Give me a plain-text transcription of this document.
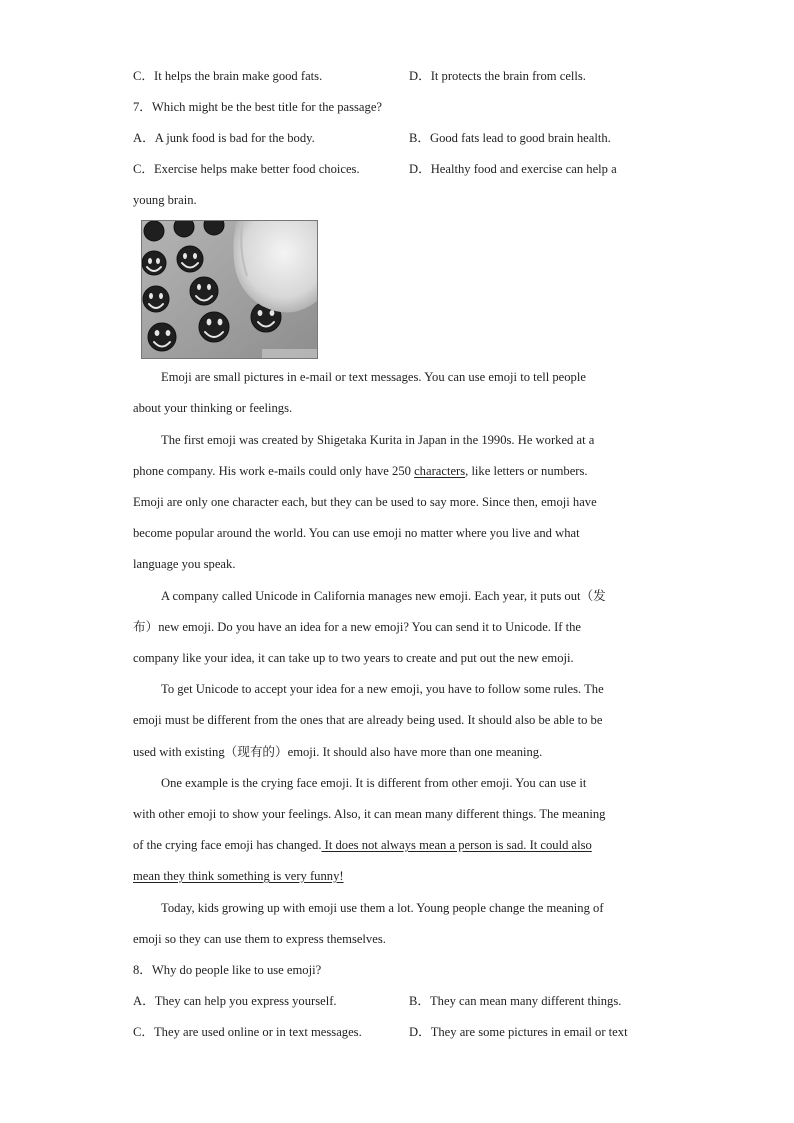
C．It helps the brain make good fats.	D．It protects the brain from cells.
7．Which might be the best title for the passage?
A．A junk food is bad for the body.	B．Good fats lead to good brain health.
C．Exercise helps make better food choices.	D．Healthy food and exercise can help a
young brain.
Emoji are small pictures in e-mail or text messages. You can use emoji to tell people
about your thinking or feelings.
The first emoji was created by Shigetaka Kurita in Japan in the 1990s. He worked at a
phone company. His work e-mails could only have 250 characters, like letters or numbers.
Emoji are only one character each, but they can be used to say more. Since then, emoji have
become popular around the world. You can use emoji no matter where you live and what
language you speak.
A company called Unicode in California manages new emoji. Each year, it puts out（发
布）new emoji. Do you have an idea for a new emoji? You can send it to Unicode. If the
company like your idea, it can take up to two years to create and put out the new emoji.
To get Unicode to accept your idea for a new emoji, you have to follow some rules. The
emoji must be different from the ones that are already being used. It should also be able to be
used with existing（现有的）emoji. It should also have more than one meaning.
One example is the crying face emoji. It is different from other emoji. You can use it
with other emoji to show your feelings. Also, it can mean many different things. The meaning
of the crying face emoji has changed. It does not always mean a person is sad. It could also
mean they think something is very funny!
Today, kids growing up with emoji use them a lot. Young people change the meaning of
emoji so they can use them to express themselves.
8．Why do people like to use emoji?
A．They can help you express yourself.	B．They can mean many different things.
C．They are used online or in text messages.	D．They are some pictures in email or text
